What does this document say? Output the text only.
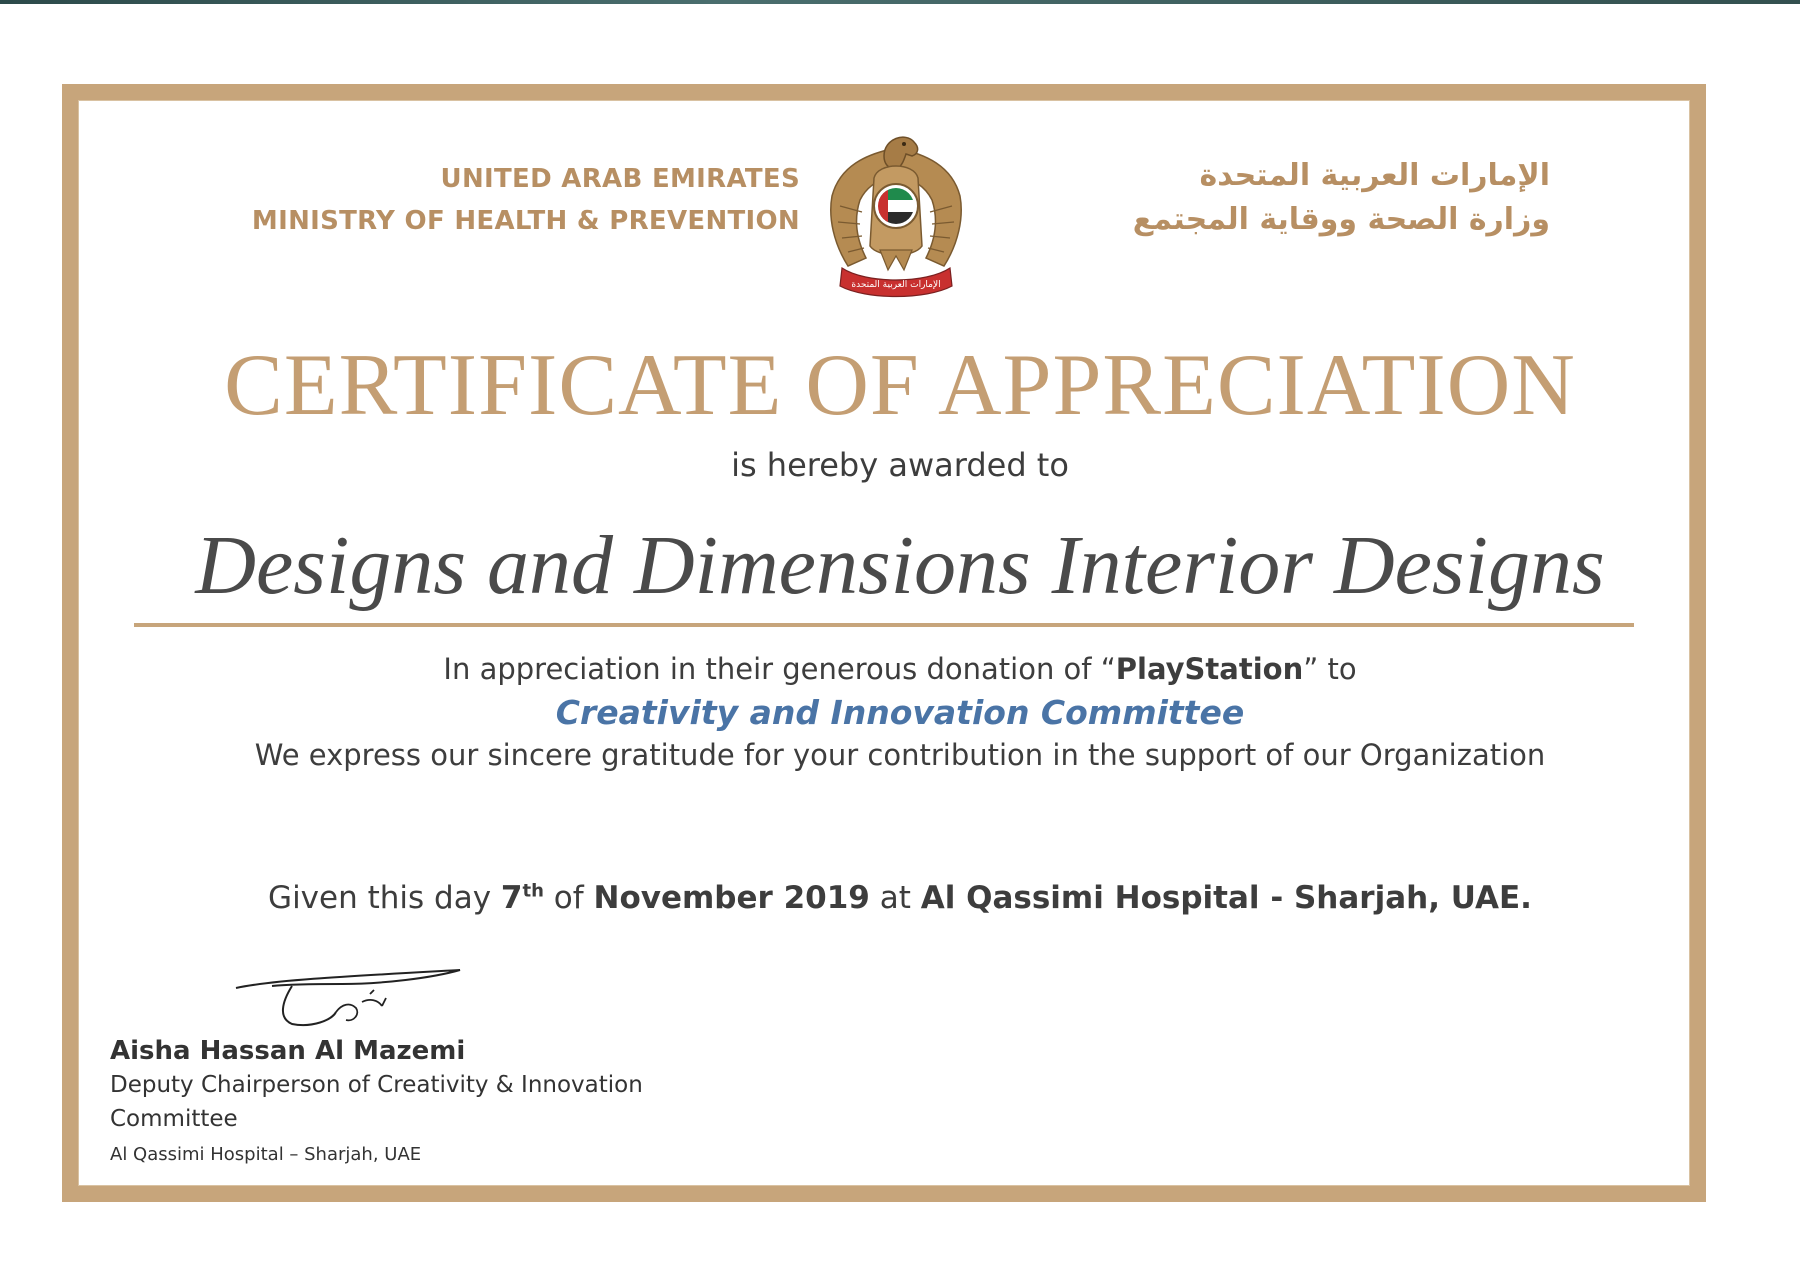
UNITED ARAB EMIRATES
MINISTRY OF HEALTH & PREVENTION
الإمارات العربية المتحدة
الإمارات العربية المتحدة
وزارة الصحة ووقاية المجتمع
CERTIFICATE OF APPRECIATION
is hereby awarded to
Designs and Dimensions Interior Designs
In appreciation in their generous donation of “PlayStation” to
Creativity and Innovation Committee
We express our sincere gratitude for your contribution in the support of our Organization
Given this day 7th of November 2019 at Al Qassimi Hospital - Sharjah, UAE.
Aisha Hassan Al Mazemi
Deputy Chairperson of Creativity & Innovation Committee
Al Qassimi Hospital – Sharjah, UAE
